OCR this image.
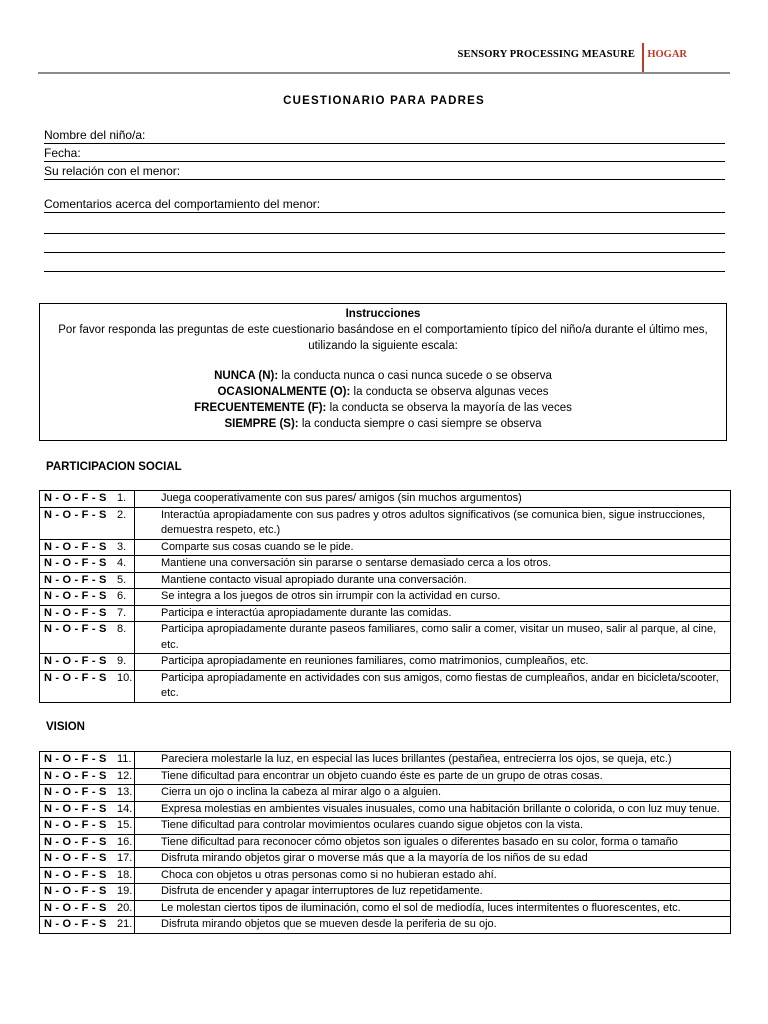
SENSORY PROCESSING MEASURE HOGAR
CUESTIONARIO PARA PADRES
Nombre del niño/a:
Fecha:
Su relación con el menor:
Comentarios acerca del comportamiento del menor:
Instrucciones
Por favor responda las preguntas de este cuestionario basándose en el comportamiento típico del niño/a durante el último mes,
utilizando la siguiente escala:
NUNCA (N): la conducta nunca o casi nunca sucede o se observa
OCASIONALMENTE (O): la conducta se observa algunas veces
FRECUENTEMENTE (F): la conducta se observa la mayoría de las veces
SIEMPRE (S): la conducta siempre o casi siempre se observa
PARTICIPACION SOCIAL
N - O - F - S	1. Juega cooperativamente con sus pares/ amigos (sin muchos argumentos)
N - O - F - S	2. Interactúa apropiadamente con sus padres y otros adultos significativos (se comunica bien, sigue instrucciones, demuestra respeto, etc.)
N - O - F - S	3. Comparte sus cosas cuando se le pide.
N - O - F - S	4. Mantiene una conversación sin pararse o sentarse demasiado cerca a los otros.
N - O - F - S	5. Mantiene contacto visual apropiado durante una conversación.
N - O - F - S	6. Se integra a los juegos de otros sin irrumpir con la actividad en curso.
N - O - F - S	7. Participa e interactúa apropiadamente durante las comidas.
N - O - F - S	8. Participa apropiadamente durante paseos familiares, como salir a comer, visitar un museo, salir al parque, al cine, etc.
N - O - F - S	9. Participa apropiadamente en reuniones familiares, como matrimonios, cumpleaños, etc.
N - O - F - S	10. Participa apropiadamente en actividades con sus amigos, como fiestas de cumpleaños, andar en bicicleta/scooter, etc.
VISION
N - O - F - S	11. Pareciera molestarle la luz, en especial las luces brillantes (pestañea, entrecierra los ojos, se queja, etc.)
N - O - F - S	12. Tiene dificultad para encontrar un objeto cuando éste es parte de un grupo de otras cosas.
N - O - F - S	13. Cierra un ojo o inclina la cabeza al mirar algo o a alguien.
N - O - F - S	14. Expresa molestias en ambientes visuales inusuales, como una habitación brillante o colorida, o con luz muy tenue.
N - O - F - S	15. Tiene dificultad para controlar movimientos oculares cuando sigue objetos con la vista.
N - O - F - S	16. Tiene dificultad para reconocer cómo objetos son iguales o diferentes basado en su color, forma o tamaño
N - O - F - S	17. Disfruta mirando objetos girar o moverse más que a la mayoría de los niños de su edad
N - O - F - S	18. Choca con objetos u otras personas como si no hubieran estado ahí.
N - O - F - S	19. Disfruta de encender y apagar interruptores de luz repetidamente.
N - O - F - S	20. Le molestan ciertos tipos de iluminación, como el sol de mediodía, luces intermitentes o fluorescentes, etc.
N - O - F - S	21. Disfruta mirando objetos que se mueven desde la periferia de su ojo.
